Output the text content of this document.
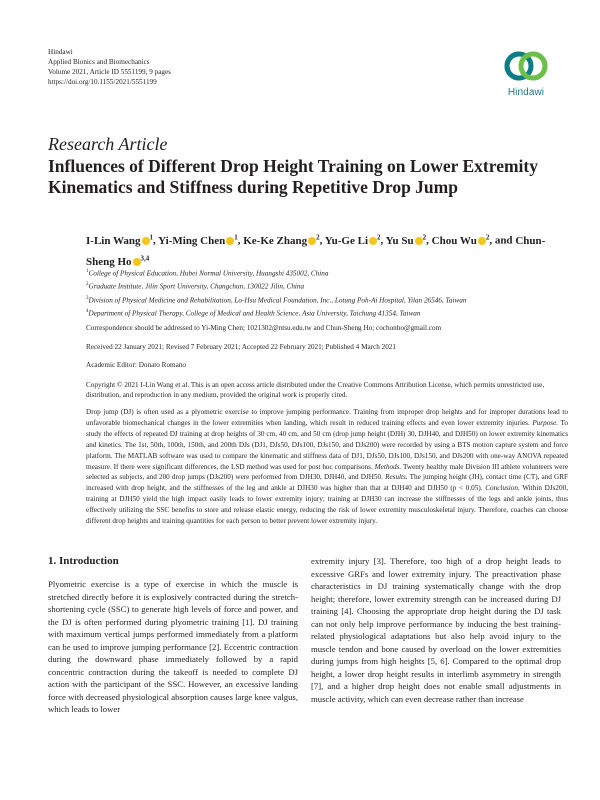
Hindawi
Applied Bionics and Biomechanics
Volume 2021, Article ID 5551199, 9 pages
https://doi.org/10.1155/2021/5551199
Hindawi
Research Article
Influences of Different Drop Height Training on Lower Extremity Kinematics and Stiffness during Repetitive Drop Jump
I-Lin Wang $^1$, Yi-Ming Chen $^1$, Ke-Ke Zhang $^2$, Yu-Ge Li $^2$, Yu Su $^2$, Chou Wu $^2$, and Chun-Sheng Ho $^{3,4}$
$^1$College of Physical Education, Hubei Normal University, Huangshi 435002, China
$^2$Graduate Institute, Jilin Sport University, Changchun, 130022 Jilin, China
$^3$Division of Physical Medicine and Rehabilitation, Lo-Hsu Medical Foundation, Inc., Lotung Poh-Ai Hospital, Yilan 26546, Taiwan
$^4$Department of Physical Therapy, College of Medical and Health Science, Asia University, Taichung 41354, Taiwan
Correspondence should be addressed to Yi-Ming Chen; 1021302@ntsu.edu.tw and Chun-Sheng Ho; cochonho@gmail.com
Received 22 January 2021; Revised 7 February 2021; Accepted 22 February 2021; Published 4 March 2021
Academic Editor: Donato Romano
Copyright © 2021 I-Lin Wang et al. This is an open access article distributed under the Creative Commons Attribution License, which permits unrestricted use, distribution, and reproduction in any medium, provided the original work is properly cited.
Drop jump (DJ) is often used as a plyometric exercise to improve jumping performance. Training from improper drop heights and for improper durations lead to unfavorable biomechanical changes in the lower extremities when landing, which result in reduced training effects and even lower extremity injuries. Purpose. To study the effects of repeated DJ training at drop heights of 30 cm, 40 cm, and 50 cm (drop jump height (DJH) 30, DJH40, and DJH50) on lower extremity kinematics and kinetics. The 1st, 50th, 100th, 150th, and 200th DJs (DJ1, DJs50, DJs100, DJs150, and DJs200) were recorded by using a BTS motion capture system and force platform. The MATLAB software was used to compare the kinematic and stiffness data of DJ1, DJs50, DJs100, DJs150, and DJs200 with one-way ANOVA repeated measure. If there were significant differences, the LSD method was used for post hoc comparisons. Methods. Twenty healthy male Division III athlete volunteers were selected as subjects, and 200 drop jumps (DJs200) were performed from DJH30, DJH40, and DJH50. Results. The jumping height (JH), contact time (CT), and GRF increased with drop height, and the stiffnesses of the leg and ankle at DJH30 was higher than that at DJH40 and DJH50 (p < 0.05). Conclusion. Within DJs200, training at DJH50 yield the high impact easily leads to lower extremity injury; training at DJH30 can increase the stiffnesses of the legs and ankle joints, thus effectively utilizing the SSC benefits to store and release elastic energy, reducing the risk of lower extremity musculoskeletal injury. Therefore, coaches can choose different drop heights and training quantities for each person to better prevent lower extremity injury.
1. Introduction
Plyometric exercise is a type of exercise in which the muscle is stretched directly before it is explosively contracted during the stretch-shortening cycle (SSC) to generate high levels of force and power, and the DJ is often performed during plyometric training [1]. DJ training with maximum vertical jumps performed immediately from a platform can be used to improve jumping performance [2]. Eccentric contraction during the downward phase immediately followed by a rapid concentric contraction during the takeoff is needed to complete DJ action with the participant of the SSC. However, an excessive landing force with decreased physiological absorption causes large knee valgus, which leads to lower
extremity injury [3]. Therefore, too high of a drop height leads to excessive GRFs and lower extremity injury. The preactivation phase characteristics in DJ training systematically change with the drop height; therefore, lower extremity strength can be increased during DJ training [4]. Choosing the appropriate drop height during the DJ task can not only help improve performance by inducing the best training-related physiological adaptations but also help avoid injury to the muscle tendon and bone caused by overload on the lower extremities during jumps from high heights [5, 6]. Compared to the optimal drop height, a lower drop height results in interlimb asymmetry in strength [7], and a higher drop height does not enable small adjustments in muscle activity, which can even decrease rather than increase
